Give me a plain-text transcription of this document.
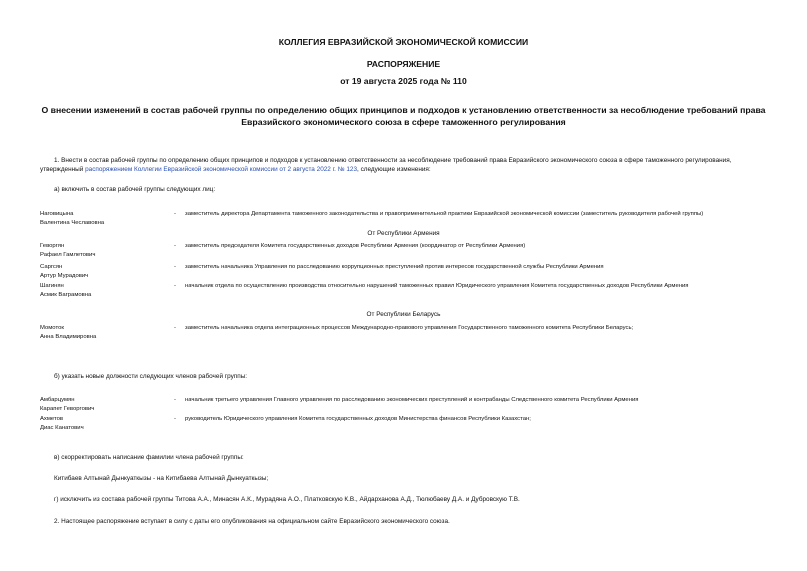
КОЛЛЕГИЯ ЕВРАЗИЙСКОЙ ЭКОНОМИЧЕСКОЙ КОМИССИИ
РАСПОРЯЖЕНИЕ
от 19 августа 2025 года № 110
О внесении изменений в состав рабочей группы по определению общих принципов и подходов к установлению ответственности за несоблюдение требований права Евразийского экономического союза в сфере таможенного регулирования
1. Внести в состав рабочей группы по определению общих принципов и подходов к установлению ответственности за несоблюдение требований права Евразийского экономического союза в сфере таможенного регулирования, утвержденный распоряжением Коллегии Евразийской экономической комиссии от 2 августа 2022 г. № 123, следующие изменения:
а) включить в состав рабочей группы следующих лиц:
Наговицына
Валентина Чеславовна
-	заместитель директора Департамента таможенного законодательства и правоприменительной практики Евразийской экономической комиссии (заместитель руководителя рабочей группы)
От Республики Армения
Геворгян
Рафаел Гамлетович
-	заместитель председателя Комитета государственных доходов Республики Армения (координатор от Республики Армения)
Саргсян
Артур Мурадович
-	заместитель начальника Управления по расследованию коррупционных преступлений против интересов государственной службы Республики Армения
Шагинян
Асмик Ваграмовна
-	начальник отдела по осуществлению производства относительно нарушений таможенных правил Юридического управления Комитета государственных доходов Республики Армения
От Республики Беларусь
Момоток
Анна Владимировна
-	заместитель начальника отдела интеграционных процессов Международно-правового управления Государственного таможенного комитета Республики Беларусь;
б) указать новые должности следующих членов рабочей группы:
Амбарцумян
Карапет Геворгович
-	начальник третьего управления Главного управления по расследованию экономических преступлений и контрабанды Следственного комитета Республики Армения
Ахметов
Диас Канатович
-	руководитель Юридического управления Комитета государственных доходов Министерства финансов Республики Казахстан;
в) скорректировать написание фамилии члена рабочей группы:
Китибаев Алтынай Дынкуаткызы - на Китибаева Алтынай Дынкуаткызы;
г) исключить из состава рабочей группы Титова А.А., Минасян А.К., Мурадяна А.О., Платковскую К.В., Айдарханова А.Д., Тюлюбаеву Д.А. и Дубровскую Т.В.
2. Настоящее распоряжение вступает в силу с даты его опубликования на официальном сайте Евразийского экономического союза.
